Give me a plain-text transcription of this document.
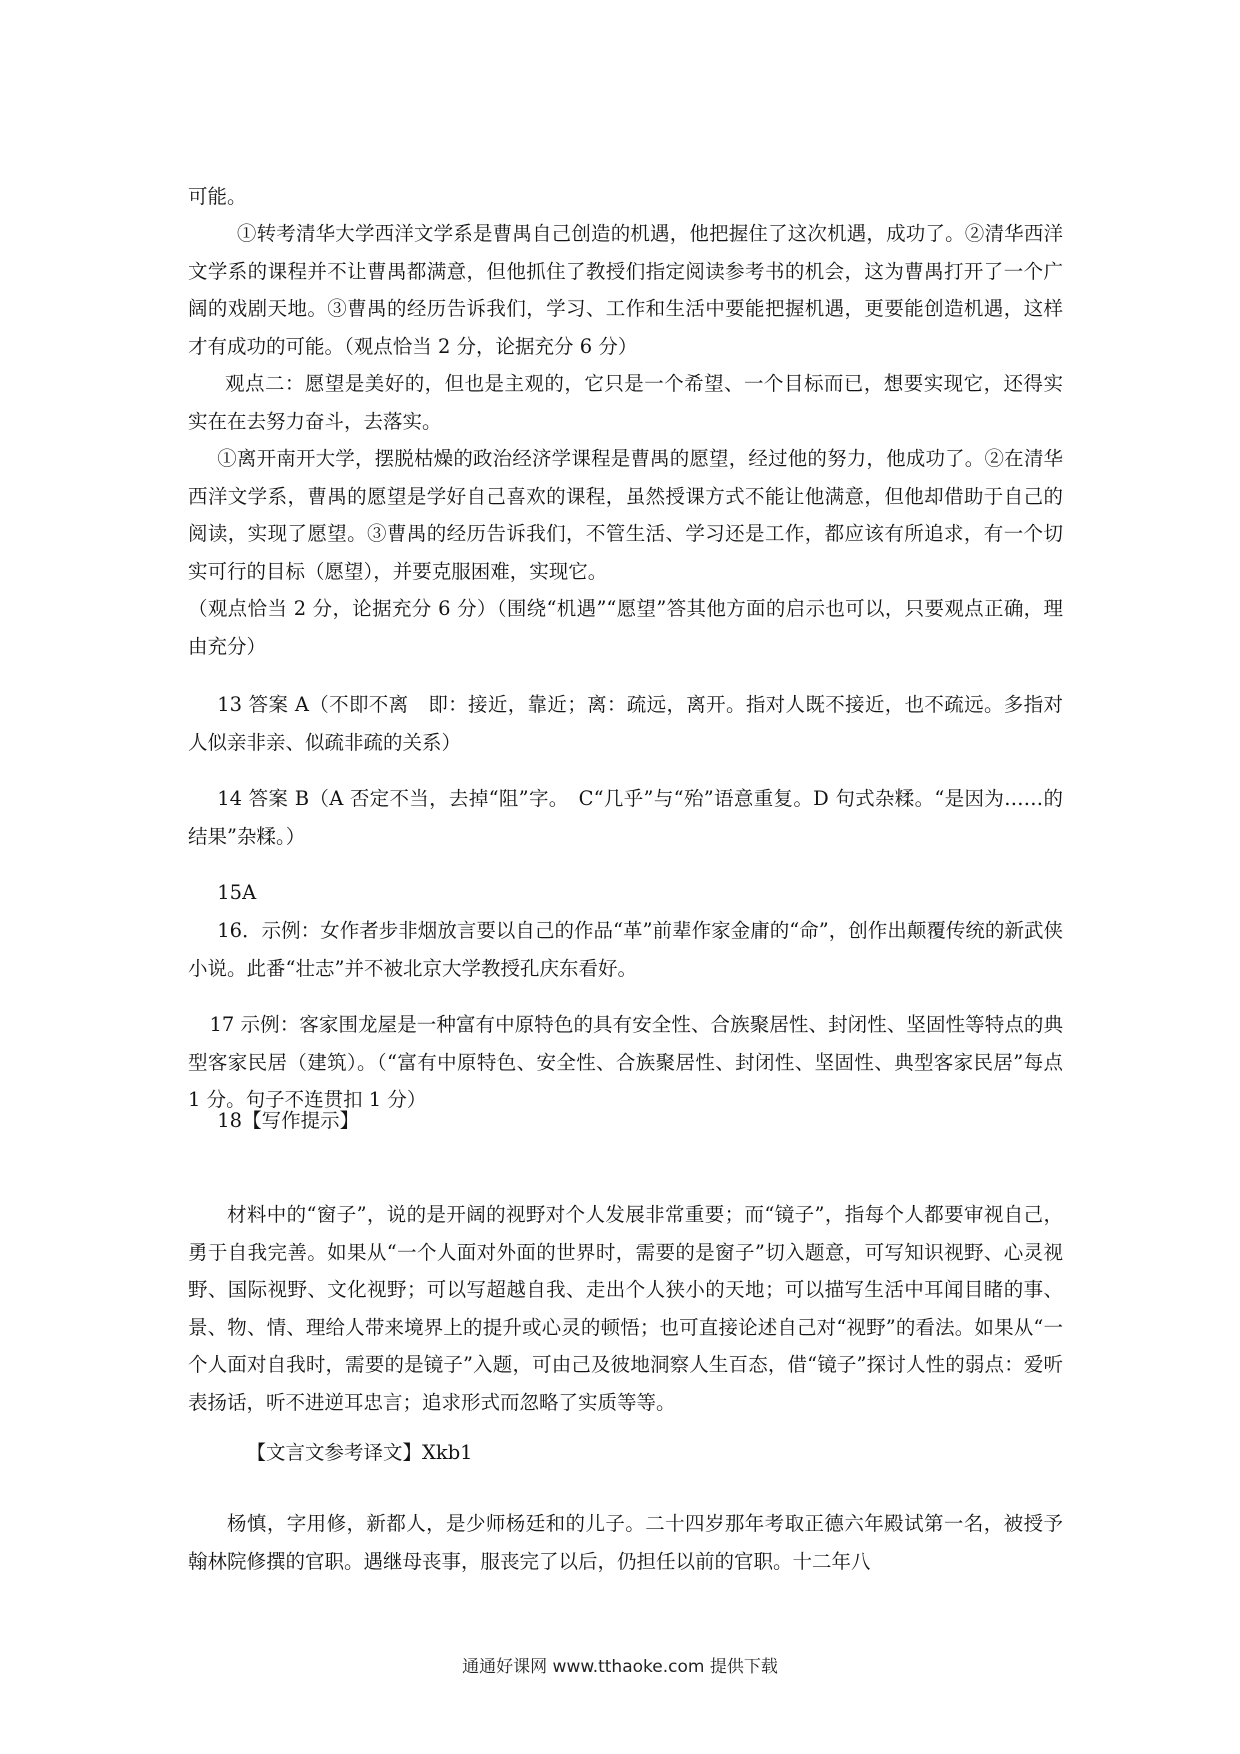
可能。

　①转考清华大学西洋文学系是曹禺自己创造的机遇，他把握住了这次机遇，成功了。②清华西洋文学系的课程并不让曹禺都满意，但他抓住了教授们指定阅读参考书的机会，这为曹禺打开了一个广阔的戏剧天地。③曹禺的经历告诉我们，学习、工作和生活中要能把握机遇，更要能创造机遇，这样才有成功的可能。（观点恰当 2 分，论据充分 6 分）

观点二：愿望是美好的，但也是主观的，它只是一个希望、一个目标而已，想要实现它，还得实实在在去努力奋斗，去落实。

①离开南开大学，摆脱枯燥的政治经济学课程是曹禺的愿望，经过他的努力，他成功了。②在清华西洋文学系，曹禺的愿望是学好自己喜欢的课程，虽然授课方式不能让他满意，但他却借助于自己的阅读，实现了愿望。③曹禺的经历告诉我们，不管生活、学习还是工作，都应该有所追求，有一个切实可行的目标（愿望），并要克服困难，实现它。

（观点恰当 2 分，论据充分 6 分）（围绕“机遇”“愿望”答其他方面的启示也可以，只要观点正确，理由充分）

13 答案 A（不即不离　即：接近，靠近；离：疏远，离开。指对人既不接近，也不疏远。多指对人似亲非亲、似疏非疏的关系）

14 答案 B（A 否定不当，去掉“阻”字。　C“几乎”与“殆”语意重复。D 句式杂糅。“是因为……的结果”杂糅。）

15A

16．示例：女作者步非烟放言要以自己的作品“革”前辈作家金庸的“命”，创作出颠覆传统的新武侠小说。此番“壮志”并不被北京大学教授孔庆东看好。

17 示例：客家围龙屋是一种富有中原特色的具有安全性、合族聚居性、封闭性、坚固性等特点的典型客家民居（建筑）。（“富有中原特色、安全性、合族聚居性、封闭性、坚固性、典型客家民居”每点 1 分。句子不连贯扣 1 分）

18【写作提示】

材料中的“窗子”，说的是开阔的视野对个人发展非常重要；而“镜子”，指每个人都要审视自己，勇于自我完善。如果从“一个人面对外面的世界时，需要的是窗子”切入题意，可写知识视野、心灵视野、国际视野、文化视野；可以写超越自我、走出个人狭小的天地；可以描写生活中耳闻目睹的事、景、物、情、理给人带来境界上的提升或心灵的顿悟；也可直接论述自己对“视野”的看法。如果从“一个人面对自我时，需要的是镜子”入题，可由己及彼地洞察人生百态，借“镜子”探讨人性的弱点：爱听表扬话，听不进逆耳忠言；追求形式而忽略了实质等等。

【文言文参考译文】Xkb1

杨慎，字用修，新都人，是少师杨廷和的儿子。二十四岁那年考取正德六年殿试第一名，被授予翰林院修撰的官职。遇继母丧事，服丧完了以后，仍担任以前的官职。十二年八

通通好课网 www.tthaoke.com 提供下载
